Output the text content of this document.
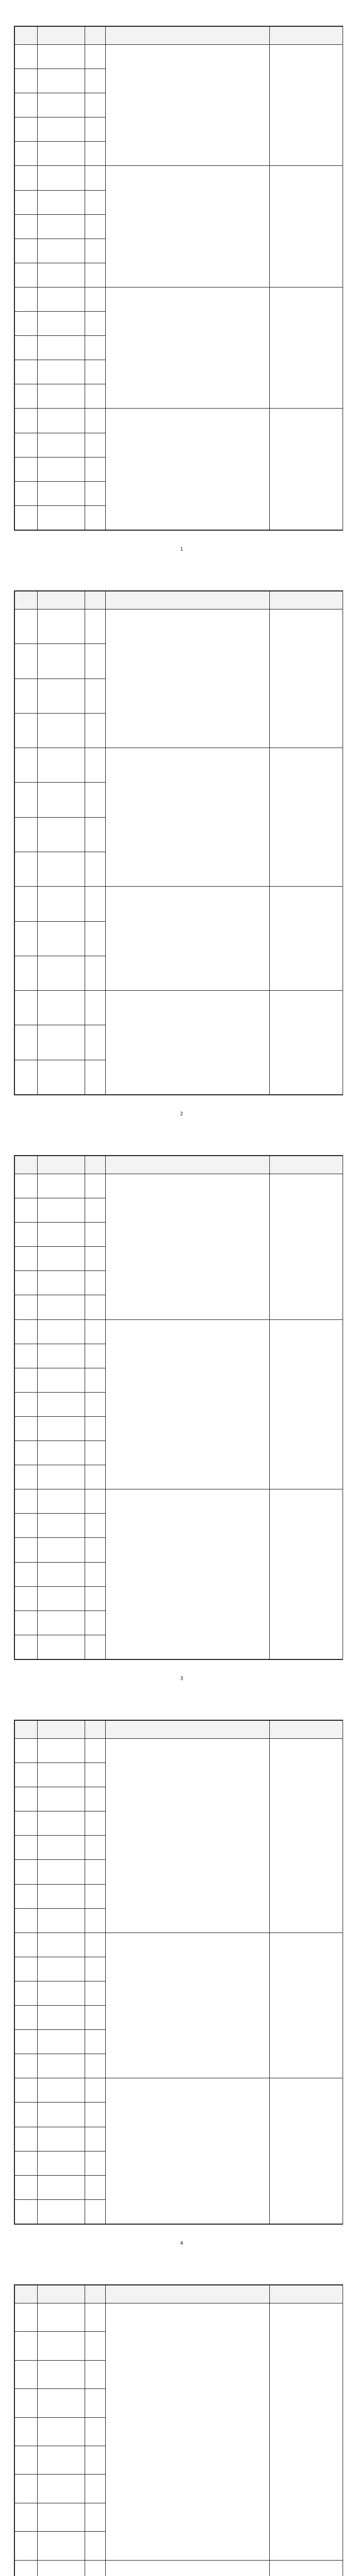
1

2

3

4
